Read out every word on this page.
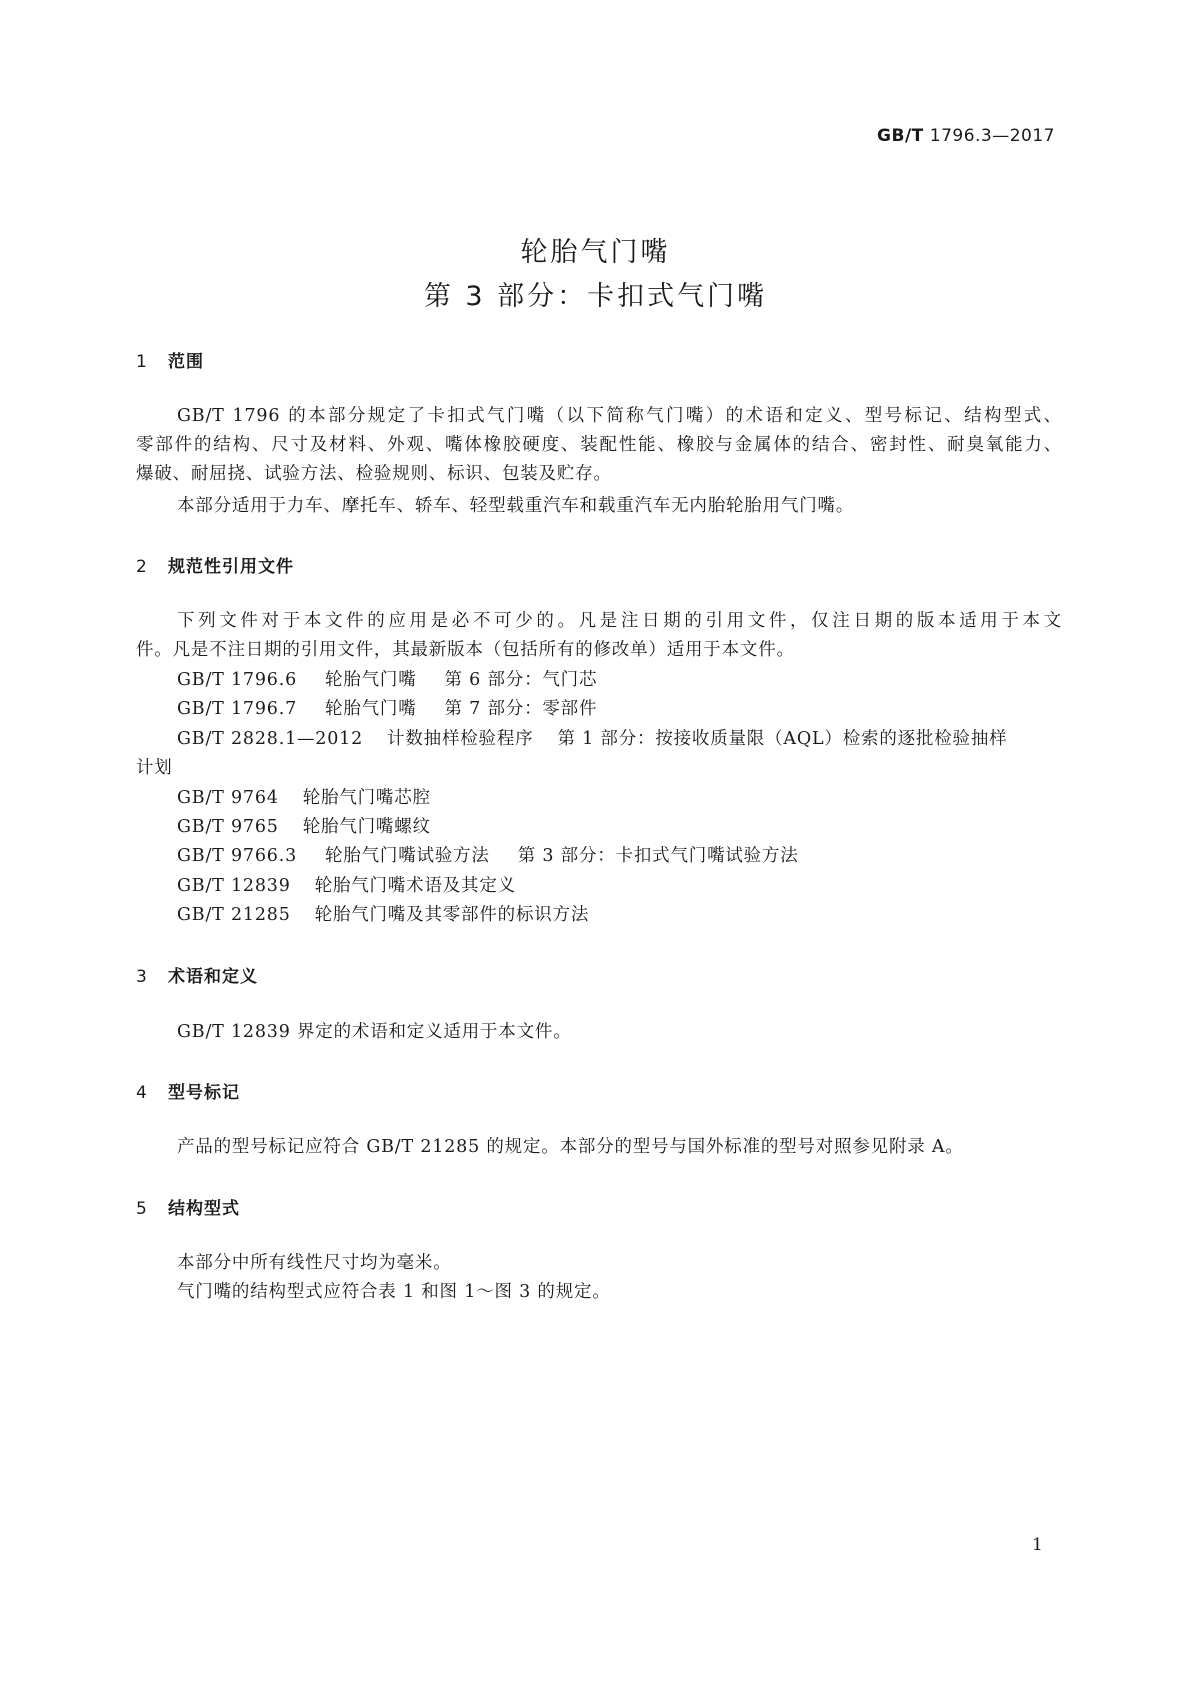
GB/T 1796.3—2017
轮胎气门嘴
第 3 部分：卡扣式气门嘴
1 范围
GB/T 1796 的本部分规定了卡扣式气门嘴（以下简称气门嘴）的术语和定义、型号标记、结构型式、
零部件的结构、尺寸及材料、外观、嘴体橡胶硬度、装配性能、橡胶与金属体的结合、密封性、耐臭氧能力、
爆破、耐屈挠、试验方法、检验规则、标识、包装及贮存。
本部分适用于力车、摩托车、轿车、轻型载重汽车和载重汽车无内胎轮胎用气门嘴。
2 规范性引用文件
下列文件对于本文件的应用是必不可少的。凡是注日期的引用文件，仅注日期的版本适用于本文
件。凡是不注日期的引用文件，其最新版本（包括所有的修改单）适用于本文件。
GB/T 1796.6 轮胎气门嘴 第 6 部分：气门芯
GB/T 1796.7 轮胎气门嘴 第 7 部分：零部件
GB/T 2828.1—2012 计数抽样检验程序 第 1 部分：按接收质量限（AQL）检索的逐批检验抽样
计划
GB/T 9764 轮胎气门嘴芯腔
GB/T 9765 轮胎气门嘴螺纹
GB/T 9766.3 轮胎气门嘴试验方法 第 3 部分：卡扣式气门嘴试验方法
GB/T 12839 轮胎气门嘴术语及其定义
GB/T 21285 轮胎气门嘴及其零部件的标识方法
3 术语和定义
GB/T 12839 界定的术语和定义适用于本文件。
4 型号标记
产品的型号标记应符合 GB/T 21285 的规定。本部分的型号与国外标准的型号对照参见附录 A。
5 结构型式
本部分中所有线性尺寸均为毫米。
气门嘴的结构型式应符合表 1 和图 1～图 3 的规定。
1
